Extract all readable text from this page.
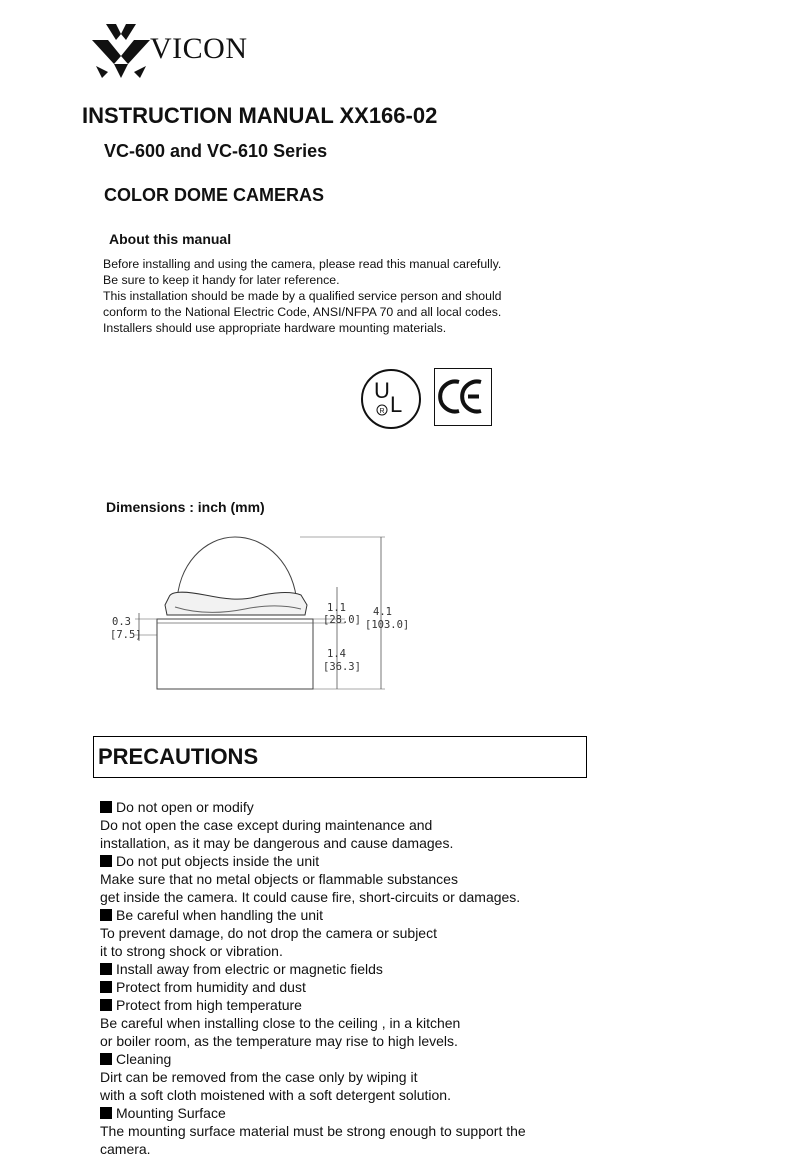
VICON
INSTRUCTION MANUAL XX166-02
VC-600 and VC-610 Series
COLOR DOME CAMERAS
About this manual

Before installing and using the camera, please read this manual carefully.

Be sure to keep it handy for later reference.

This installation should be made by a qualified service person and should

conform to the National Electric Code, ANSI/NFPA 70 and all local codes.

Installers should use appropriate hardware mounting materials.

U
L
R
Dimensions : inch (mm)
0.3
[7.5]
1.1
[28.0]
4.1
[103.0]
1.4
[36.3]
PRECAUTIONS
Do not open or modify
Do not open the case except during maintenance and
installation, as it may be dangerous and cause damages.
Do not put objects inside the unit
Make sure that no metal objects or flammable substances
get inside the camera. It could cause fire, short-circuits or damages.
Be careful when handling the unit
To prevent damage, do not drop the camera or subject
it to strong shock or vibration.
Install away from electric or magnetic fields
Protect from humidity and dust
Protect from high temperature
Be careful when installing close to the ceiling , in a kitchen
or boiler room, as the temperature may rise to high levels.
Cleaning
Dirt can be removed from the case only by wiping it
with a soft cloth moistened with a soft detergent solution.
Mounting Surface
The mounting surface material must be strong enough to support the
camera.
